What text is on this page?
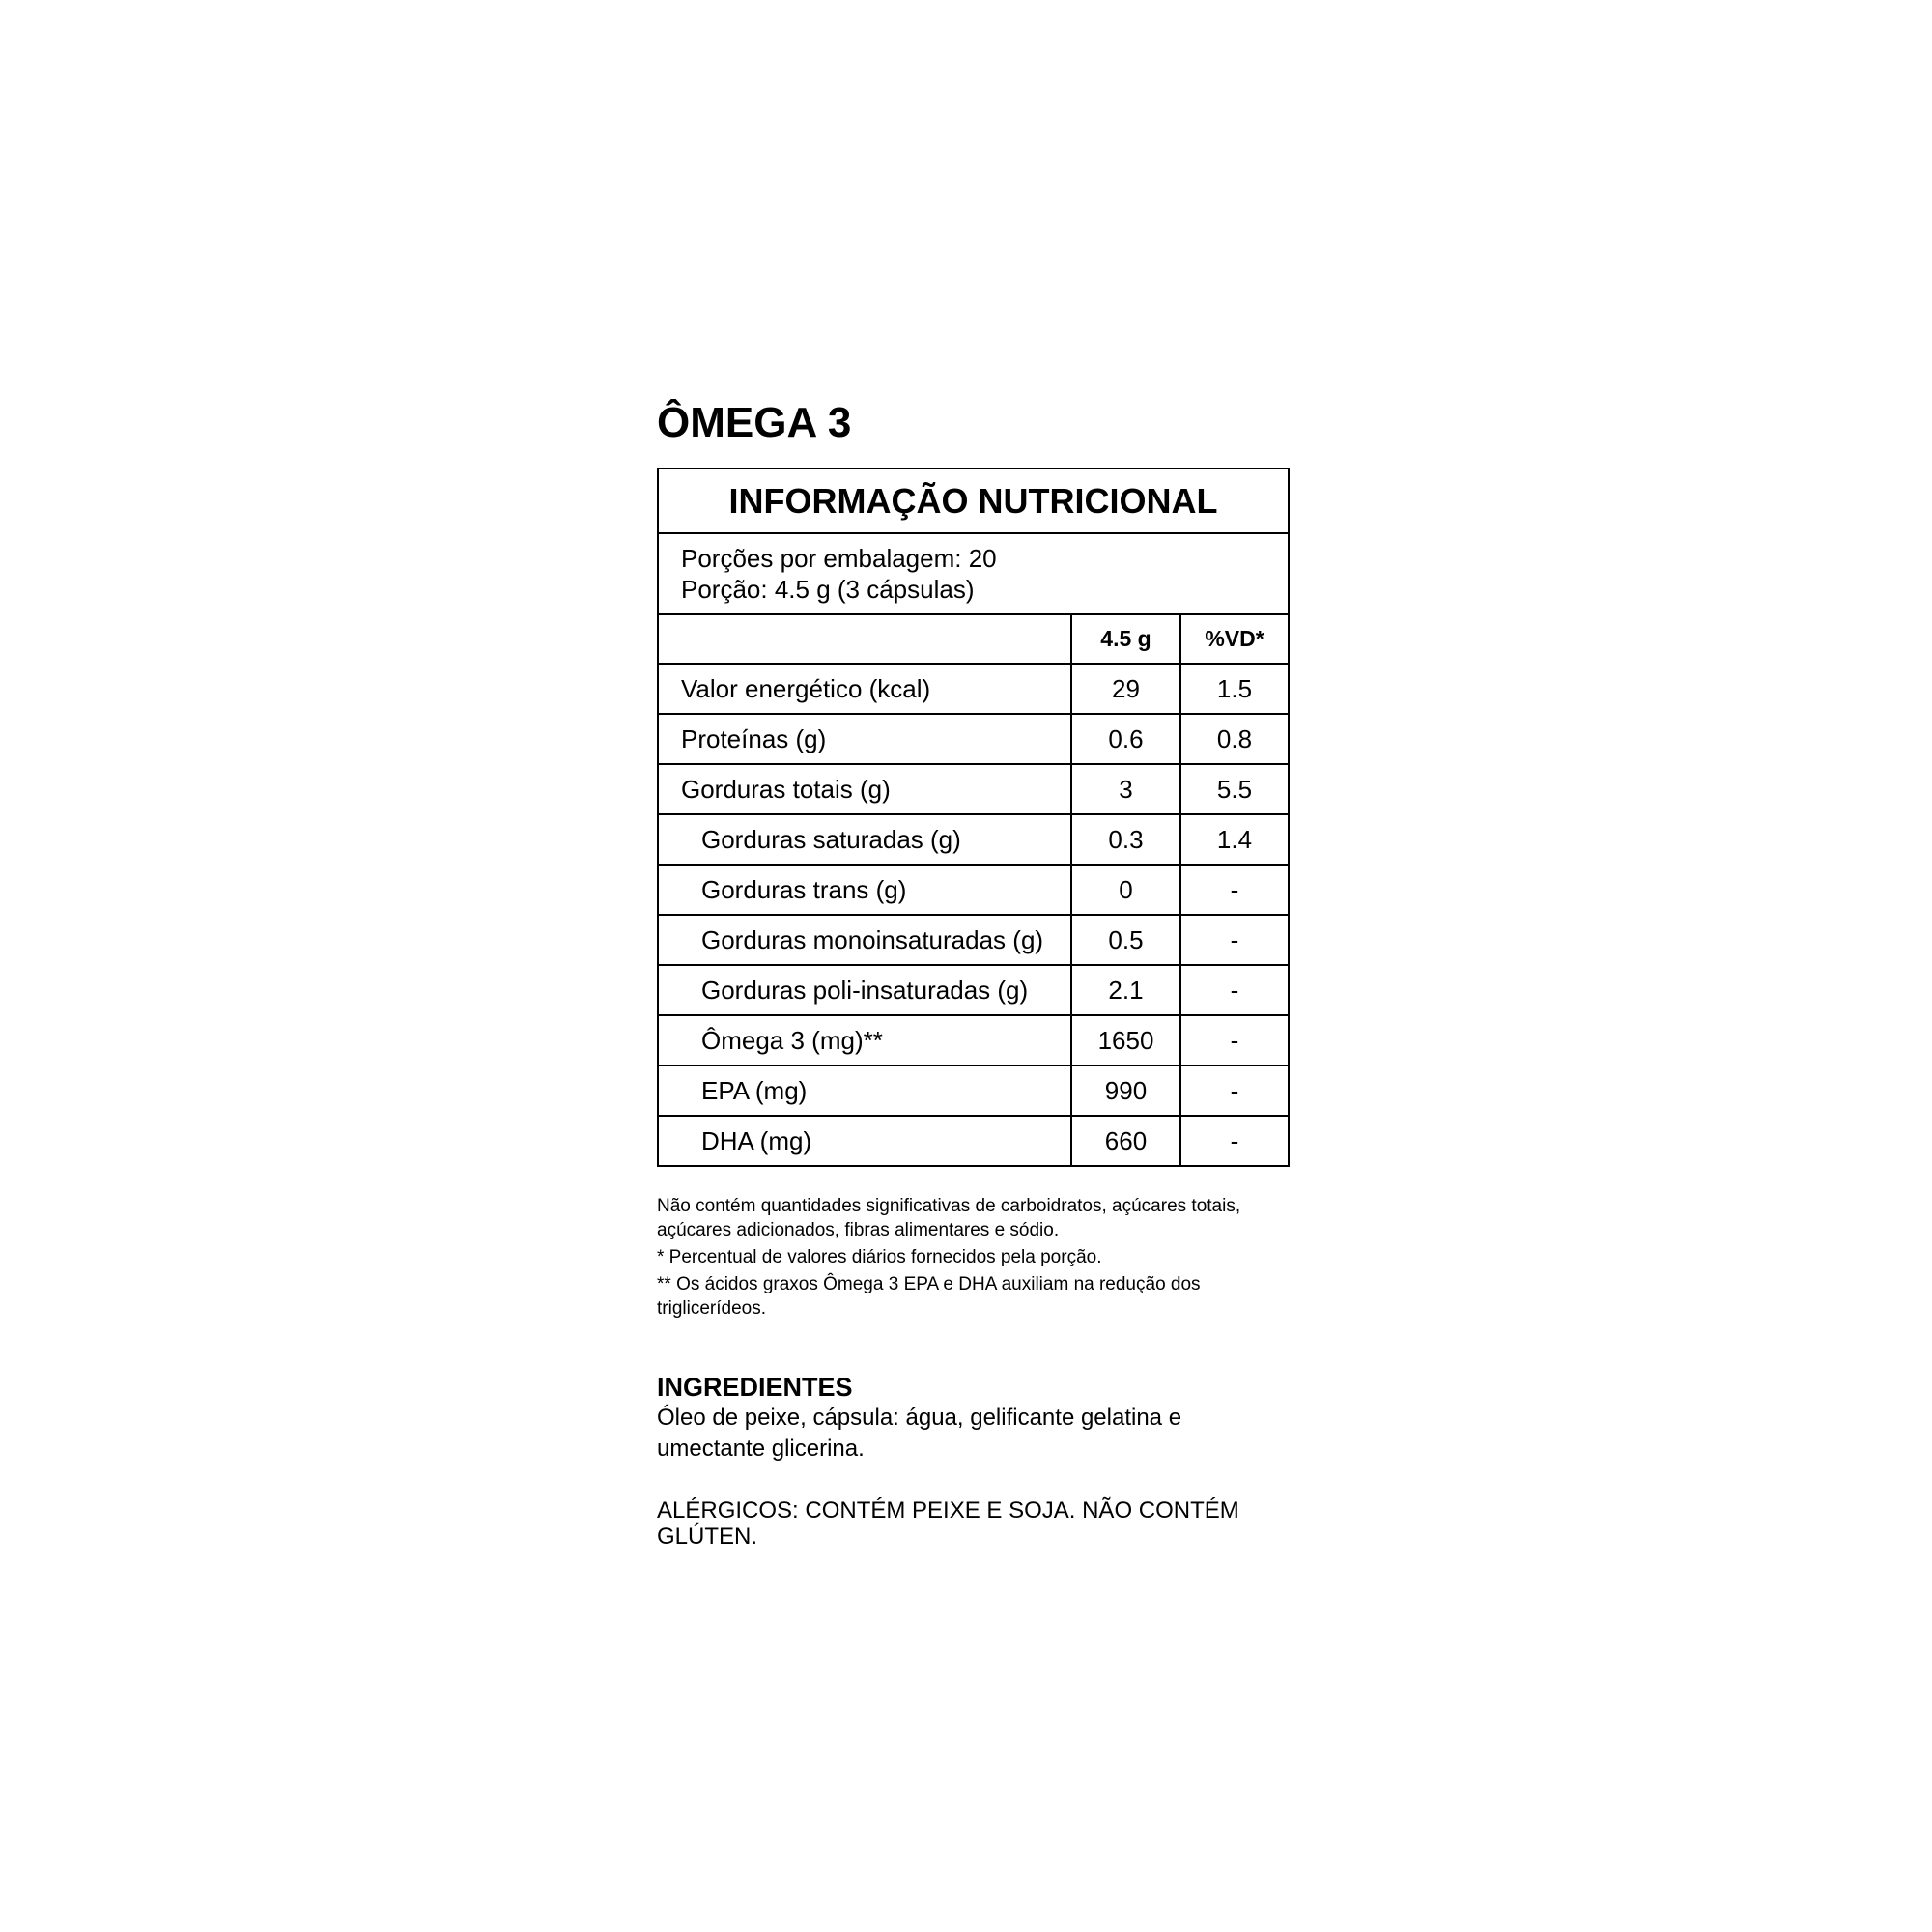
ÔMEGA 3
INFORMAÇÃO NUTRICIONAL		

Porções por embalagem: 20
Porção: 4.5 g (3 cápsulas)		

	4.5 g	%VD*
Valor energético (kcal)	29	1.5
Proteínas (g)	0.6	0.8
Gorduras totais (g)	3	5.5
Gorduras saturadas (g)	0.3	1.4
Gorduras trans (g)	0	-
Gorduras monoinsaturadas (g)	0.5	-
Gorduras poli-insaturadas (g)	2.1	-
Ômega 3 (mg)**	1650	-
EPA (mg)	990	-
DHA (mg)	660	-

Não contém quantidades significativas de carboidratos, açúcares totais, açúcares adicionados, fibras alimentares e sódio.

* Percentual de valores diários fornecidos pela porção.

** Os ácidos graxos Ômega 3 EPA e DHA auxiliam na redução dos triglicerídeos.

INGREDIENTES

Óleo de peixe, cápsula: água, gelificante gelatina e umectante glicerina.

ALÉRGICOS: CONTÉM PEIXE E SOJA. NÃO CONTÉM GLÚTEN.
